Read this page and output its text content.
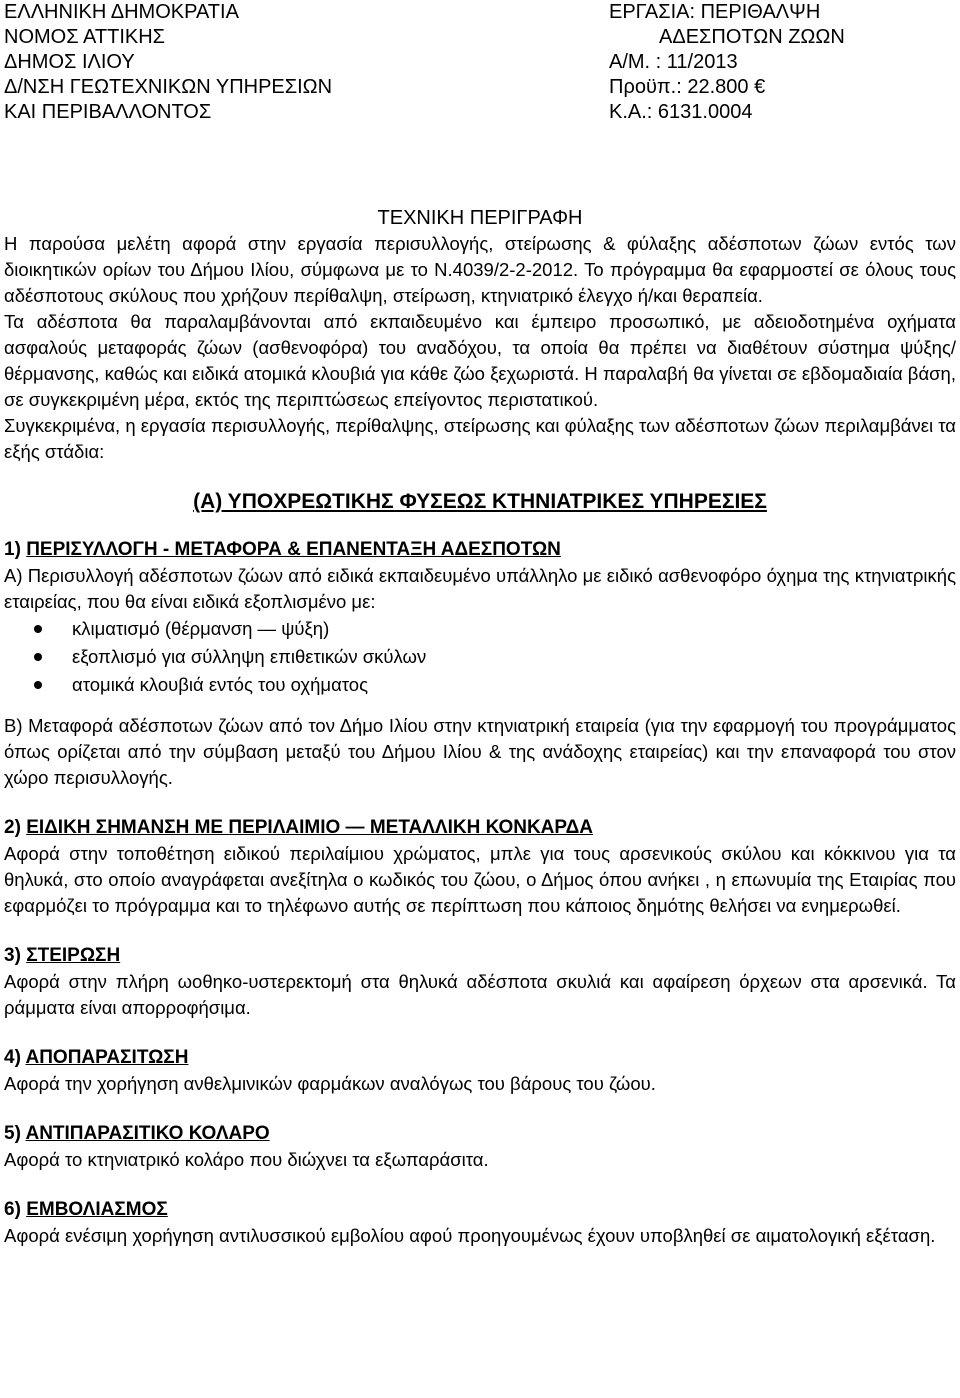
ΕΛΛΗΝΙΚΗ ΔΗΜΟΚΡΑΤΙΑ
ΝΟΜΟΣ ΑΤΤΙΚΗΣ
ΔΗΜΟΣ ΙΛΙΟΥ
Δ/ΝΣΗ ΓΕΩΤΕΧΝΙΚΩΝ ΥΠΗΡΕΣΙΩΝ
ΚΑΙ ΠΕΡΙΒΑΛΛΟΝΤΟΣ
ΕΡΓΑΣΙΑ: ΠΕΡΙΘΑΛΨΗ
ΑΔΕΣΠΟΤΩΝ ΖΩΩΝ
Α/Μ. : 11/2013
Προϋπ.: 22.800 €
Κ.Α.: 6131.0004
ΤΕΧΝΙΚΗ ΠΕΡΙΓΡΑΦΗ
Η παρούσα μελέτη αφορά στην εργασία περισυλλογής, στείρωσης & φύλαξης αδέσποτων ζώων εντός των διοικητικών ορίων του Δήμου Ιλίου, σύμφωνα με το Ν.4039/2-2-2012. Το πρόγραμμα θα εφαρμοστεί σε όλους τους αδέσποτους σκύλους που χρήζουν περίθαλψη, στείρωση, κτηνιατρικό έλεγχο ή/και θεραπεία.
Τα αδέσποτα θα παραλαμβάνονται από εκπαιδευμένο και έμπειρο προσωπικό, με αδειοδοτημένα οχήματα ασφαλούς μεταφοράς ζώων (ασθενοφόρα) του αναδόχου, τα οποία θα πρέπει να διαθέτουν σύστημα ψύξης/ θέρμανσης, καθώς και ειδικά ατομικά κλουβιά για κάθε ζώο ξεχωριστά. Η παραλαβή θα γίνεται σε εβδομαδιαία βάση, σε συγκεκριμένη μέρα, εκτός της περιπτώσεως επείγοντος περιστατικού.
Συγκεκριμένα, η εργασία περισυλλογής, περίθαλψης, στείρωσης και φύλαξης των αδέσποτων ζώων περιλαμβάνει τα εξής στάδια:
(Α) ΥΠΟΧΡΕΩΤΙΚΗΣ ΦΥΣΕΩΣ ΚΤΗΝΙΑΤΡΙΚΕΣ ΥΠΗΡΕΣΙΕΣ
1) ΠΕΡΙΣΥΛΛΟΓΗ - ΜΕΤΑΦΟΡΑ & ΕΠΑΝΕΝΤΑΞΗ ΑΔΕΣΠΟΤΩΝ
Α) Περισυλλογή αδέσποτων ζώων από ειδικά εκπαιδευμένο υπάλληλο με ειδικό ασθενοφόρο όχημα της κτηνιατρικής εταιρείας, που θα είναι ειδικά εξοπλισμένο με:
κλιματισμό (θέρμανση — ψύξη)
εξοπλισμό για σύλληψη επιθετικών σκύλων
ατομικά κλουβιά εντός του οχήματος
Β) Μεταφορά αδέσποτων ζώων από τον Δήμο Ιλίου στην κτηνιατρική εταιρεία (για την εφαρμογή του προγράμματος όπως ορίζεται από την σύμβαση μεταξύ του Δήμου Ιλίου & της ανάδοχης εταιρείας) και την επαναφορά του στον χώρο περισυλλογής.
2) ΕΙΔΙΚΗ ΣΗΜΑΝΣΗ ΜΕ ΠΕΡΙΛΑΙΜΙΟ — ΜΕΤΑΛΛΙΚΗ ΚΟΝΚΑΡΔΑ
Αφορά στην τοποθέτηση ειδικού περιλαίμιου χρώματος, μπλε για τους αρσενικούς σκύλου και κόκκινου για τα θηλυκά, στο οποίο αναγράφεται ανεξίτηλα ο κωδικός του ζώου, ο Δήμος όπου ανήκει , η επωνυμία της Εταιρίας που εφαρμόζει το πρόγραμμα και το τηλέφωνο αυτής σε περίπτωση που κάποιος δημότης θελήσει να ενημερωθεί.
3) ΣΤΕΙΡΩΣΗ
Αφορά στην πλήρη ωοθηκο-υστερεκτομή στα θηλυκά αδέσποτα σκυλιά και αφαίρεση όρχεων στα αρσενικά. Τα ράμματα είναι απορροφήσιμα.
4) ΑΠΟΠΑΡΑΣΙΤΩΣΗ
Αφορά την χορήγηση ανθελμινικών φαρμάκων αναλόγως του βάρους του ζώου.
5) ΑΝΤΙΠΑΡΑΣΙΤΙΚΟ ΚΟΛΑΡΟ
Αφορά το κτηνιατρικό κολάρο που διώχνει τα εξωπαράσιτα.
6) ΕΜΒΟΛΙΑΣΜΟΣ
Αφορά ενέσιμη χορήγηση αντιλυσσικού εμβολίου αφού προηγουμένως έχουν υποβληθεί σε αιματολογική εξέταση.
